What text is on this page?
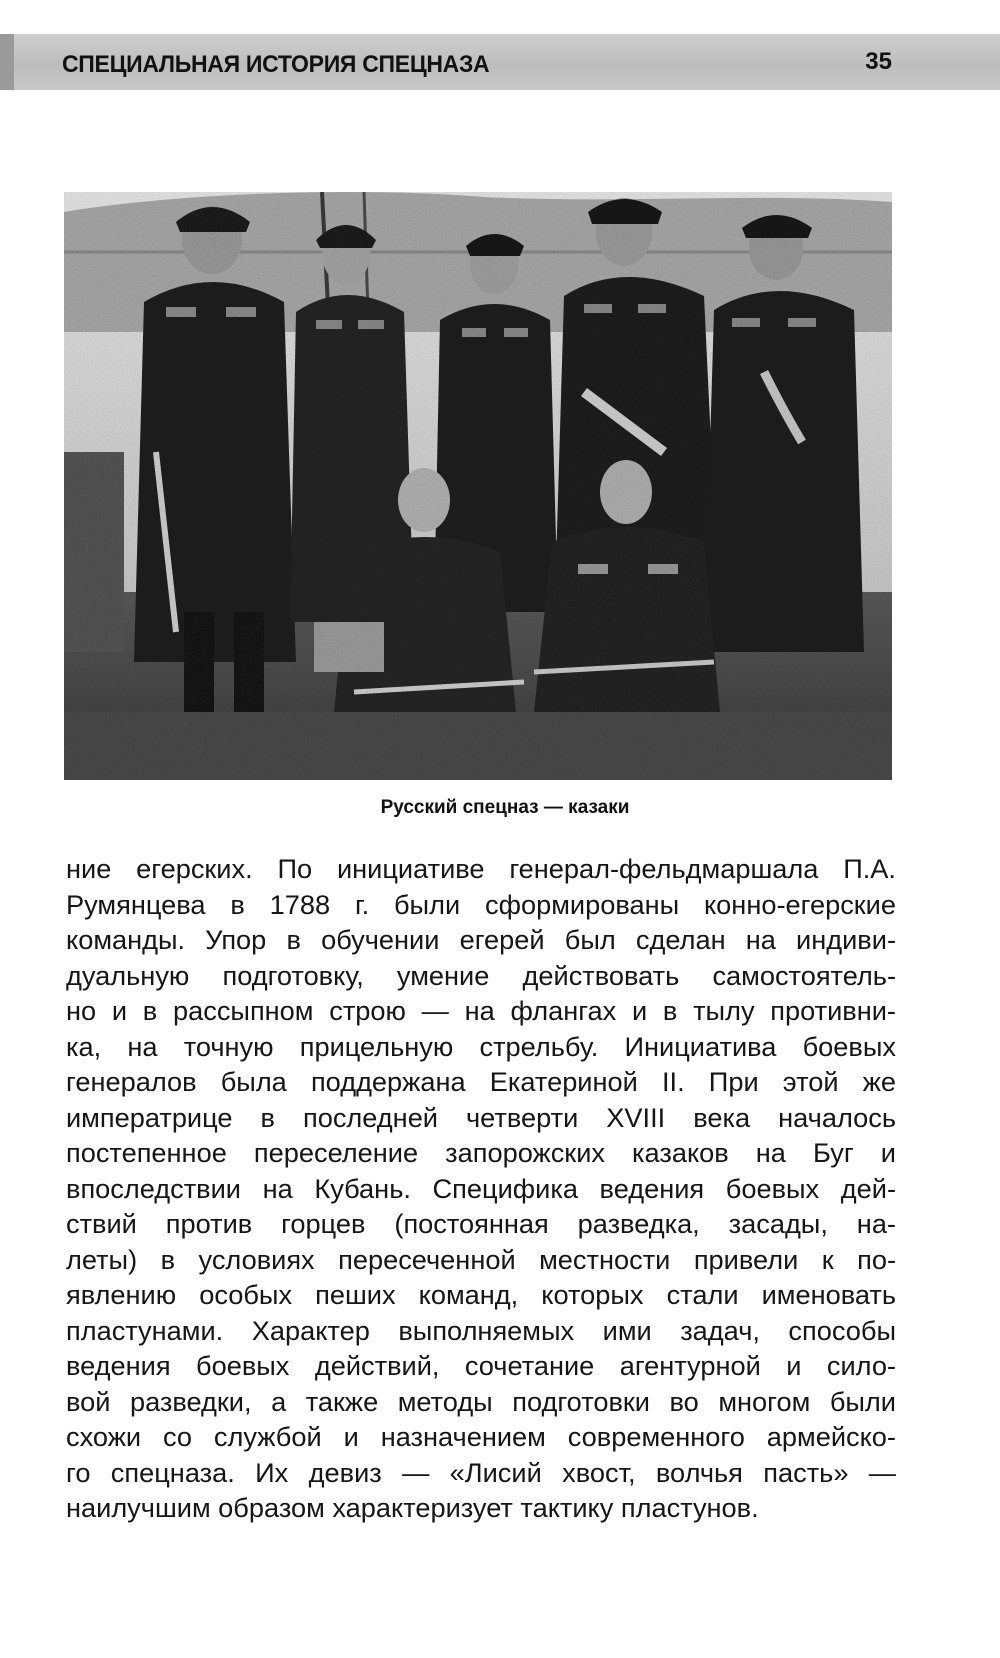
СПЕЦИАЛЬНАЯ ИСТОРИЯ СПЕЦНАЗА	35
Русский спецназ — казаки
ние егерских. По инициативе генерал-фельдмаршала П.А.
Румянцева в 1788 г. были сформированы конно-егерские
команды. Упор в обучении егерей был сделан на индиви-
дуальную подготовку, умение действовать самостоятель-
но и в рассыпном строю — на флангах и в тылу противни-
ка, на точную прицельную стрельбу. Инициатива боевых
генералов была поддержана Екатериной II. При этой же
императрице в последней четверти XVIII века началось
постепенное переселение запорожских казаков на Буг и
впоследствии на Кубань. Специфика ведения боевых дей-
ствий против горцев (постоянная разведка, засады, на-
леты) в условиях пересеченной местности привели к по-
явлению особых пеших команд, которых стали именовать
пластунами. Характер выполняемых ими задач, способы
ведения боевых действий, сочетание агентурной и сило-
вой разведки, а также методы подготовки во многом были
схожи со службой и назначением современного армейско-
го спецназа. Их девиз — «Лисий хвост, волчья пасть» —
наилучшим образом характеризует тактику пластунов.
